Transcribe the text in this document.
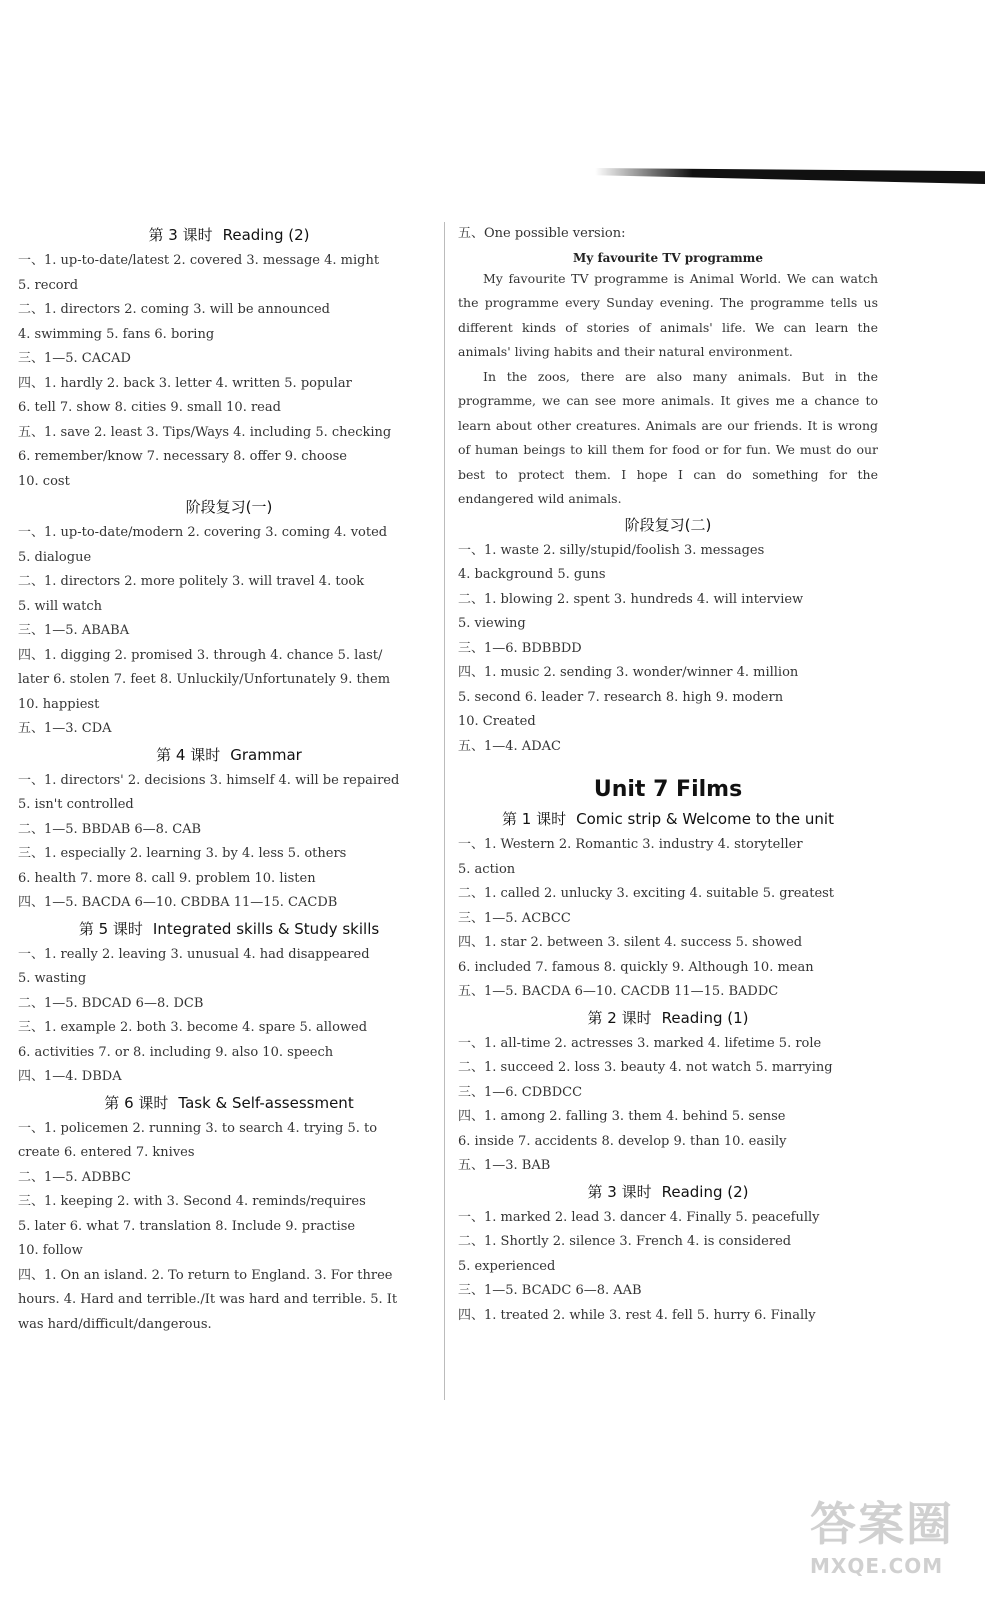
第 3 课时 Reading (2)
一、1. up-to-date/latest 2. covered 3. message 4. might
5. record
二、1. directors 2. coming 3. will be announced
4. swimming 5. fans 6. boring
三、1—5. CACAD
四、1. hardly 2. back 3. letter 4. written 5. popular
6. tell 7. show 8. cities 9. small 10. read
五、1. save 2. least 3. Tips/Ways 4. including 5. checking
6. remember/know 7. necessary 8. offer 9. choose
10. cost
阶段复习(一)
一、1. up-to-date/modern 2. covering 3. coming 4. voted
5. dialogue
二、1. directors 2. more politely 3. will travel 4. took
5. will watch
三、1—5. ABABA
四、1. digging 2. promised 3. through 4. chance 5. last/
later 6. stolen 7. feet 8. Unluckily/Unfortunately 9. them
10. happiest
五、1—3. CDA
第 4 课时 Grammar
一、1. directors' 2. decisions 3. himself 4. will be repaired
5. isn't controlled
二、1—5. BBDAB 6—8. CAB
三、1. especially 2. learning 3. by 4. less 5. others
6. health 7. more 8. call 9. problem 10. listen
四、1—5. BACDA 6—10. CBDBA 11—15. CACDB
第 5 课时 Integrated skills & Study skills
一、1. really 2. leaving 3. unusual 4. had disappeared
5. wasting
二、1—5. BDCAD 6—8. DCB
三、1. example 2. both 3. become 4. spare 5. allowed
6. activities 7. or 8. including 9. also 10. speech
四、1—4. DBDA
第 6 课时 Task & Self-assessment
一、1. policemen 2. running 3. to search 4. trying 5. to
create 6. entered 7. knives
二、1—5. ADBBC
三、1. keeping 2. with 3. Second 4. reminds/requires
5. later 6. what 7. translation 8. Include 9. practise
10. follow
四、1. On an island. 2. To return to England. 3. For three
hours. 4. Hard and terrible./It was hard and terrible. 5. It
was hard/difficult/dangerous.
五、One possible version:
My favourite TV programme

My favourite TV programme is Animal World. We can watch the programme every Sunday evening. The programme tells us different kinds of stories of animals' life. We can learn the animals' living habits and their natural environment.

In the zoos, there are also many animals. But in the programme, we can see more animals. It gives me a chance to learn about other creatures. Animals are our friends. It is wrong of human beings to kill them for food or for fun. We must do our best to protect them. I hope I can do something for the endangered wild animals.

阶段复习(二)
一、1. waste 2. silly/stupid/foolish 3. messages
4. background 5. guns
二、1. blowing 2. spent 3. hundreds 4. will interview
5. viewing
三、1—6. BDBBDD
四、1. music 2. sending 3. wonder/winner 4. million
5. second 6. leader 7. research 8. high 9. modern
10. Created
五、1—4. ADAC
Unit 7 Films
第 1 课时 Comic strip & Welcome to the unit
一、1. Western 2. Romantic 3. industry 4. storyteller
5. action
二、1. called 2. unlucky 3. exciting 4. suitable 5. greatest
三、1—5. ACBCC
四、1. star 2. between 3. silent 4. success 5. showed
6. included 7. famous 8. quickly 9. Although 10. mean
五、1—5. BACDA 6—10. CACDB 11—15. BADDC
第 2 课时 Reading (1)
一、1. all-time 2. actresses 3. marked 4. lifetime 5. role
二、1. succeed 2. loss 3. beauty 4. not watch 5. marrying
三、1—6. CDBDCC
四、1. among 2. falling 3. them 4. behind 5. sense
6. inside 7. accidents 8. develop 9. than 10. easily
五、1—3. BAB
第 3 课时 Reading (2)
一、1. marked 2. lead 3. dancer 4. Finally 5. peacefully
二、1. Shortly 2. silence 3. French 4. is considered
5. experienced
三、1—5. BCADC 6—8. AAB
四、1. treated 2. while 3. rest 4. fell 5. hurry 6. Finally
答案圈
MXQE.COM
